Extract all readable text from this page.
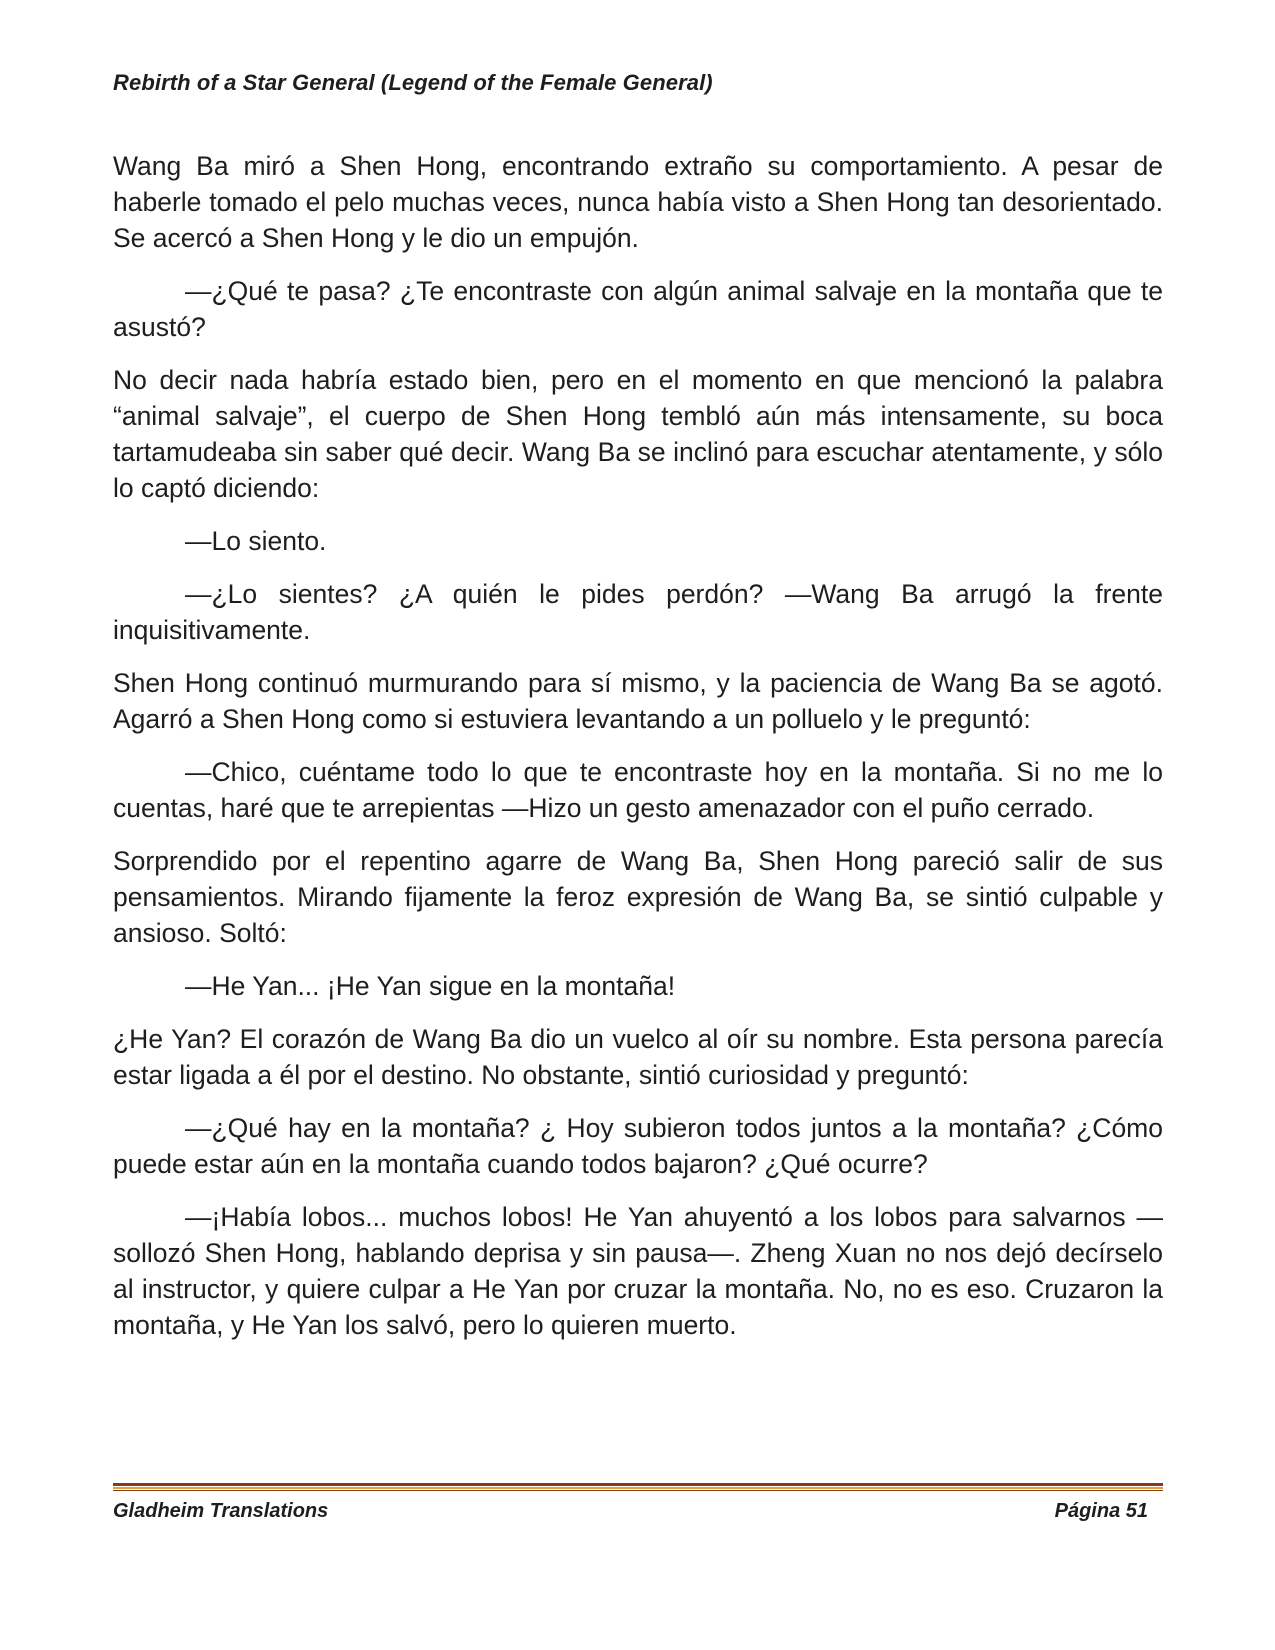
Rebirth of a Star General (Legend of the Female General)

Wang Ba miró a Shen Hong, encontrando extraño su comportamiento. A pesar de haberle tomado el pelo muchas veces, nunca había visto a Shen Hong tan desorientado. Se acercó a Shen Hong y le dio un empujón.

—¿Qué te pasa? ¿Te encontraste con algún animal salvaje en la montaña que te asustó?

No decir nada habría estado bien, pero en el momento en que mencionó la palabra “animal salvaje”, el cuerpo de Shen Hong tembló aún más intensamente, su boca tartamudeaba sin saber qué decir. Wang Ba se inclinó para escuchar atentamente, y sólo lo captó diciendo:

—Lo siento.

—¿Lo sientes? ¿A quién le pides perdón? —Wang Ba arrugó la frente inquisitivamente.

Shen Hong continuó murmurando para sí mismo, y la paciencia de Wang Ba se agotó. Agarró a Shen Hong como si estuviera levantando a un polluelo y le preguntó:

—Chico, cuéntame todo lo que te encontraste hoy en la montaña. Si no me lo cuentas, haré que te arrepientas —Hizo un gesto amenazador con el puño cerrado.

Sorprendido por el repentino agarre de Wang Ba, Shen Hong pareció salir de sus pensamientos. Mirando fijamente la feroz expresión de Wang Ba, se sintió culpable y ansioso. Soltó:

—He Yan... ¡He Yan sigue en la montaña!

¿He Yan? El corazón de Wang Ba dio un vuelco al oír su nombre. Esta persona parecía estar ligada a él por el destino. No obstante, sintió curiosidad y preguntó:

—¿Qué hay en la montaña? ¿ Hoy subieron todos juntos a la montaña? ¿Cómo puede estar aún en la montaña cuando todos bajaron? ¿Qué ocurre?

—¡Había lobos... muchos lobos! He Yan ahuyentó a los lobos para salvarnos —sollozó Shen Hong, hablando deprisa y sin pausa—. Zheng Xuan no nos dejó decírselo al instructor, y quiere culpar a He Yan por cruzar la montaña. No, no es eso. Cruzaron la montaña, y He Yan los salvó, pero lo quieren muerto.

Gladheim Translations	Página 51
